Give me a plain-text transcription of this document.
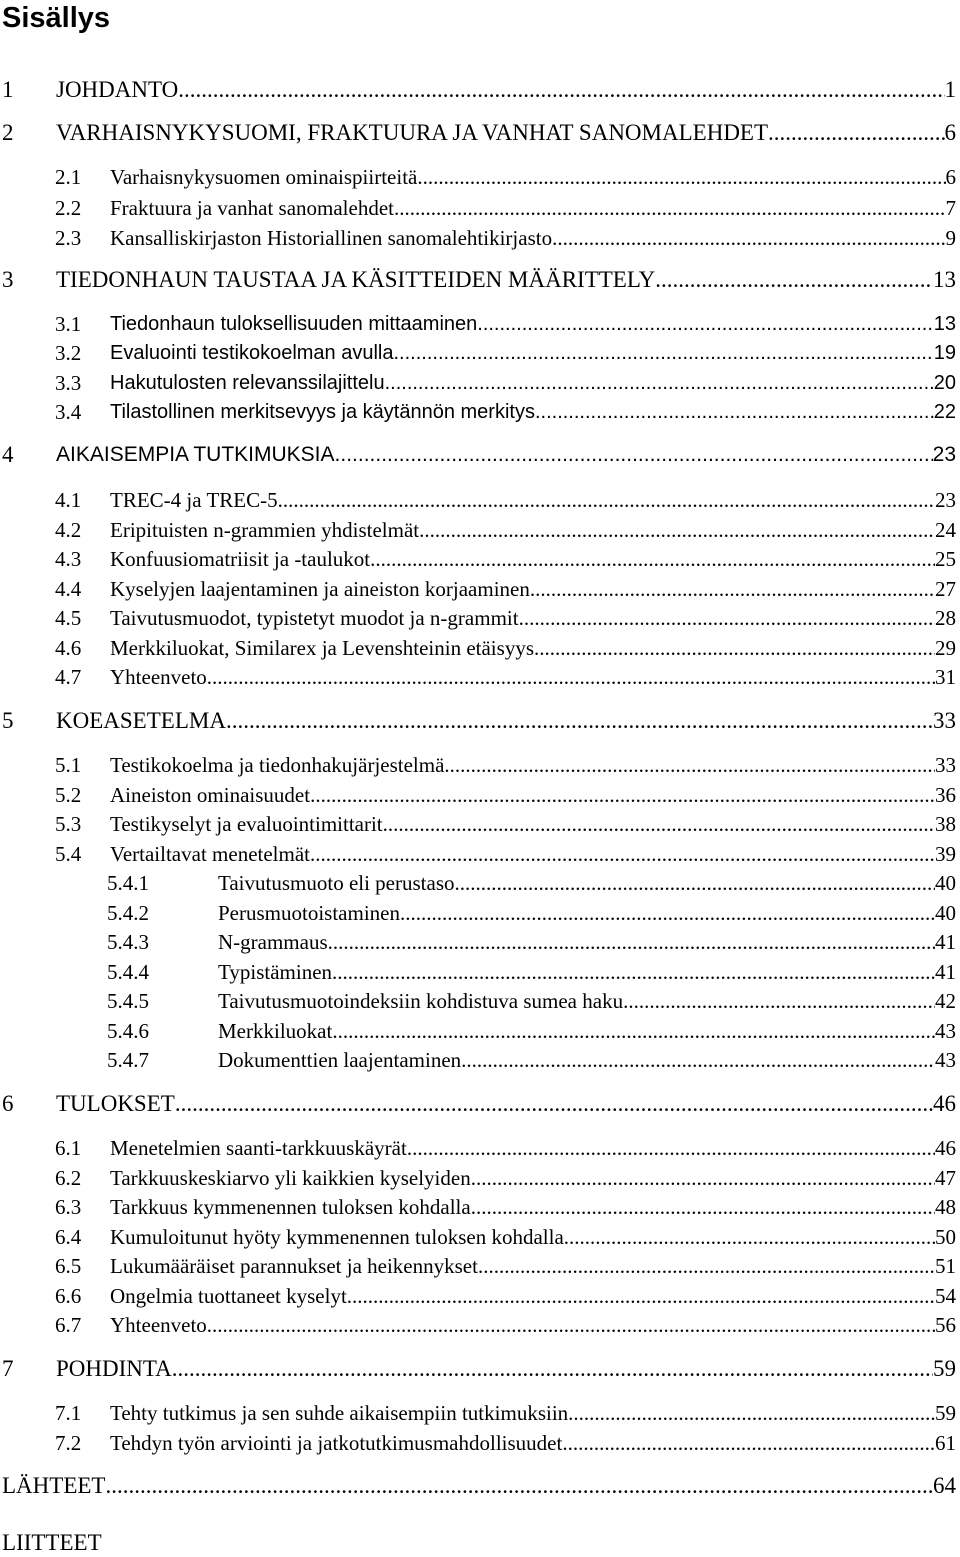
Sisällys
1 JOHDANTO .....	1
2 VARHAISNYKYSUOMI, FRAKTUURA JA VANHAT SANOMALEHDET .....	6
2.1 Varhaisnykysuomen ominaispiirteitä .....	6
2.2 Fraktuura ja vanhat sanomalehdet .....	7
2.3 Kansalliskirjaston Historiallinen sanomalehtikirjasto .....	9
3 TIEDONHAUN TAUSTAA JA KÄSITTEIDEN MÄÄRITTELY .....	13
3.1 Tiedonhaun tuloksellisuuden mittaaminen .....	13
3.2 Evaluointi testikokoelman avulla .....	19
3.3 Hakutulosten relevanssilajittelu .....	20
3.4 Tilastollinen merkitsevyys ja käytännön merkitys .....	22
4 AIKAISEMPIA TUTKIMUKSIA .....	23
4.1 TREC-4 ja TREC-5 .....	23
4.2 Eripituisten n-grammien yhdistelmät .....	24
4.3 Konfuusiomatriisit ja -taulukot .....	25
4.4 Kyselyjen laajentaminen ja aineiston korjaaminen .....	27
4.5 Taivutusmuodot, typistetyt muodot ja n-grammit .....	28
4.6 Merkkiluokat, Similarex ja Levenshteinin etäisyys .....	29
4.7 Yhteenveto .....	31
5 KOEASETELMA .....	33
5.1 Testikokoelma ja tiedonhakujärjestelmä .....	33
5.2 Aineiston ominaisuudet .....	36
5.3 Testikyselyt ja evaluointimittarit .....	38
5.4 Vertailtavat menetelmät .....	39
5.4.1	Taivutusmuoto eli perustaso .....	40
5.4.2	Perusmuotoistaminen .....	40
5.4.3	N-grammaus .....	41
5.4.4	Typistäminen .....	41
5.4.5	Taivutusmuotoindeksiin kohdistuva sumea haku .....	42
5.4.6	Merkkiluokat .....	43
5.4.7	Dokumenttien laajentaminen .....	43
6 TULOKSET .....	46
6.1 Menetelmien saanti-tarkkuuskäyrät .....	46
6.2 Tarkkuuskeskiarvo yli kaikkien kyselyiden .....	47
6.3 Tarkkuus kymmenennen tuloksen kohdalla .....	48
6.4 Kumuloitunut hyöty kymmenennen tuloksen kohdalla .....	50
6.5 Lukumääräiset parannukset ja heikennykset .....	51
6.6 Ongelmia tuottaneet kyselyt .....	54
6.7 Yhteenveto .....	56
7 POHDINTA .....	59
7.1 Tehty tutkimus ja sen suhde aikaisempiin tutkimuksiin .....	59
7.2 Tehdyn työn arviointi ja jatkotutkimusmahdollisuudet .....	61
LÄHTEET .....	64
LIITTEET
